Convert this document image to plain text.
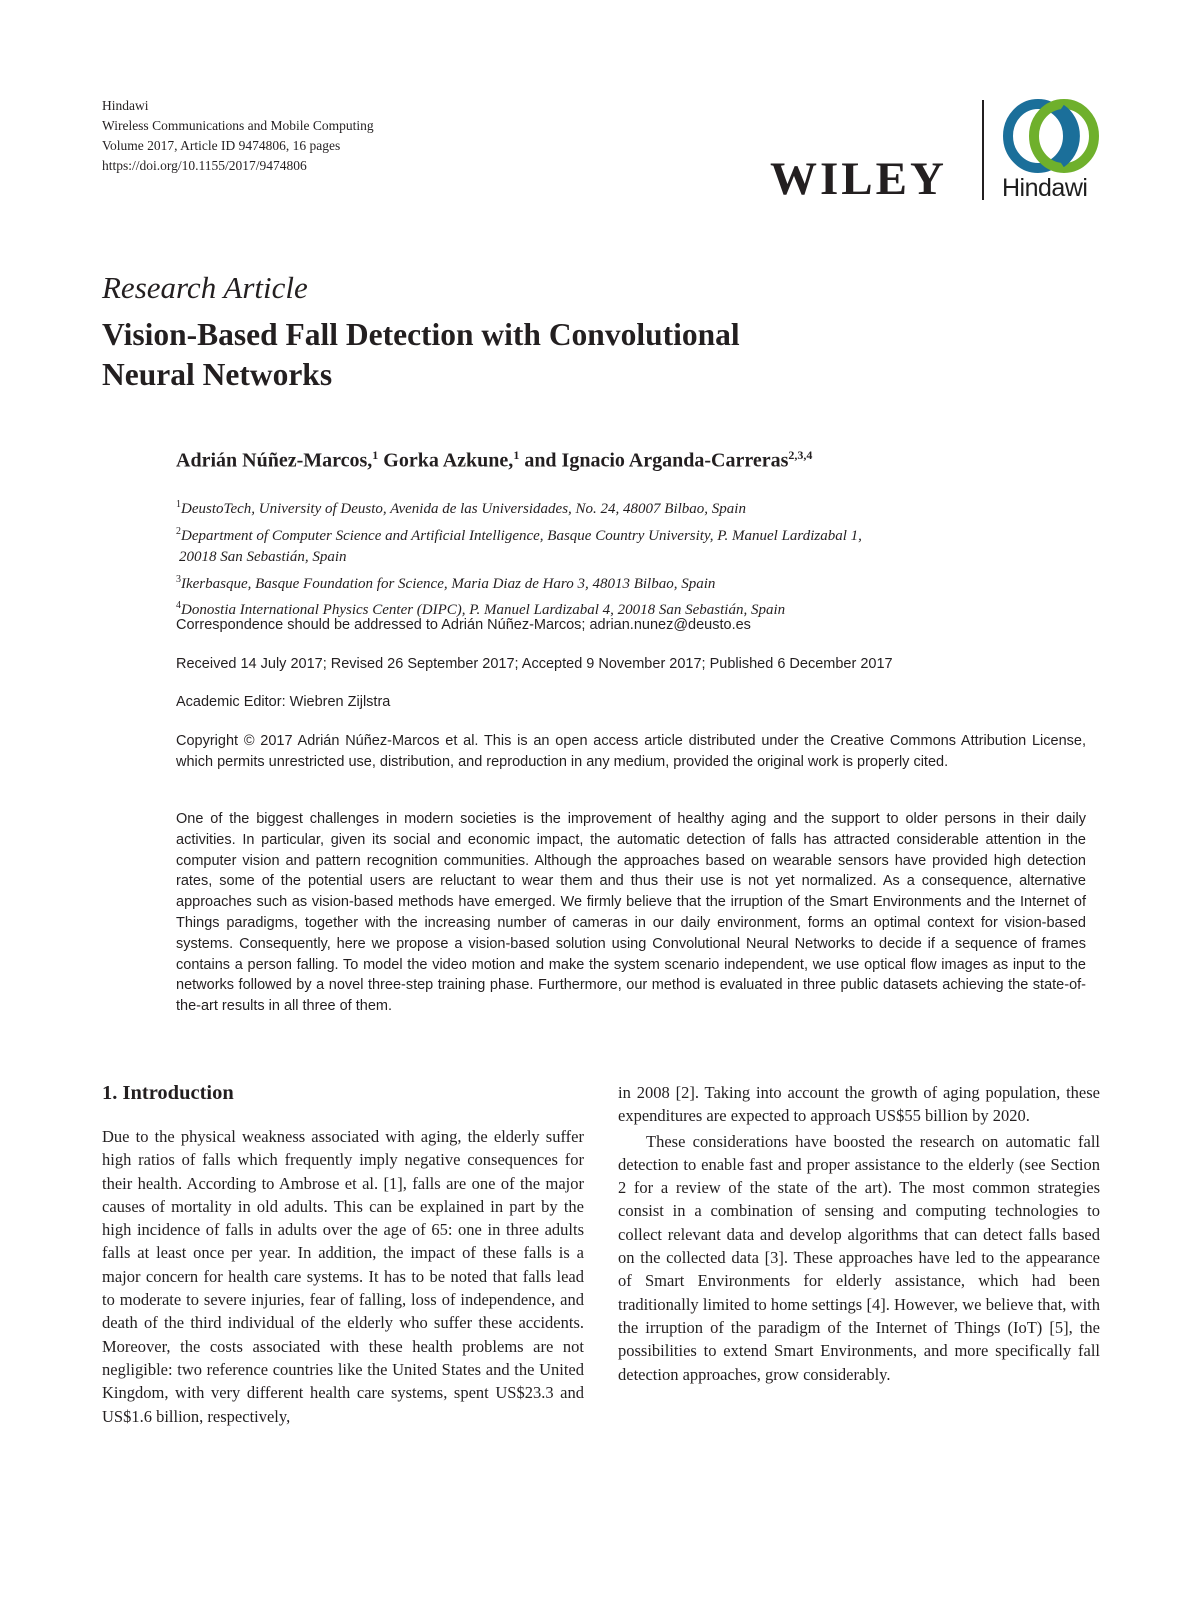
Hindawi
Wireless Communications and Mobile Computing
Volume 2017, Article ID 9474806, 16 pages
https://doi.org/10.1155/2017/9474806	WILEY Hindawi
Research Article
Vision-Based Fall Detection with Convolutional
Neural Networks
Adrián Núñez-Marcos,$^1$ Gorka Azkune,$^1$ and Ignacio Arganda-Carreras$^{2,3,4}$
$^1$DeustoTech, University of Deusto, Avenida de las Universidades, No. 24, 48007 Bilbao, Spain
$^2$Department of Computer Science and Artificial Intelligence, Basque Country University, P. Manuel Lardizabal 1,
20018 San Sebastián, Spain
$^3$Ikerbasque, Basque Foundation for Science, Maria Diaz de Haro 3, 48013 Bilbao, Spain
$^4$Donostia International Physics Center (DIPC), P. Manuel Lardizabal 4, 20018 San Sebastián, Spain
Correspondence should be addressed to Adrián Núñez-Marcos; adrian.nunez@deusto.es
Received 14 July 2017; Revised 26 September 2017; Accepted 9 November 2017; Published 6 December 2017
Academic Editor: Wiebren Zijlstra
Copyright © 2017 Adrián Núñez-Marcos et al. This is an open access article distributed under the Creative Commons Attribution License, which permits unrestricted use, distribution, and reproduction in any medium, provided the original work is properly cited.
One of the biggest challenges in modern societies is the improvement of healthy aging and the support to older persons in their daily activities. In particular, given its social and economic impact, the automatic detection of falls has attracted considerable attention in the computer vision and pattern recognition communities. Although the approaches based on wearable sensors have provided high detection rates, some of the potential users are reluctant to wear them and thus their use is not yet normalized. As a consequence, alternative approaches such as vision-based methods have emerged. We firmly believe that the irruption of the Smart Environments and the Internet of Things paradigms, together with the increasing number of cameras in our daily environment, forms an optimal context for vision-based systems. Consequently, here we propose a vision-based solution using Convolutional Neural Networks to decide if a sequence of frames contains a person falling. To model the video motion and make the system scenario independent, we use optical flow images as input to the networks followed by a novel three-step training phase. Furthermore, our method is evaluated in three public datasets achieving the state-of-the-art results in all three of them.
1. Introduction

Due to the physical weakness associated with aging, the elderly suffer high ratios of falls which frequently imply negative consequences for their health. According to Ambrose et al. [1], falls are one of the major causes of mortality in old adults. This can be explained in part by the high incidence of falls in adults over the age of 65: one in three adults falls at least once per year. In addition, the impact of these falls is a major concern for health care systems. It has to be noted that falls lead to moderate to severe injuries, fear of falling, loss of independence, and death of the third individual of the elderly who suffer these accidents. Moreover, the costs associated with these health problems are not negligible: two reference countries like the United States and the United Kingdom, with very different health care systems, spent US$23.3 and US$1.6 billion, respectively,

in 2008 [2]. Taking into account the growth of aging population, these expenditures are expected to approach US$55 billion by 2020.

These considerations have boosted the research on automatic fall detection to enable fast and proper assistance to the elderly (see Section 2 for a review of the state of the art). The most common strategies consist in a combination of sensing and computing technologies to collect relevant data and develop algorithms that can detect falls based on the collected data [3]. These approaches have led to the appearance of Smart Environments for elderly assistance, which had been traditionally limited to home settings [4]. However, we believe that, with the irruption of the paradigm of the Internet of Things (IoT) [5], the possibilities to extend Smart Environments, and more specifically fall detection approaches, grow considerably.
